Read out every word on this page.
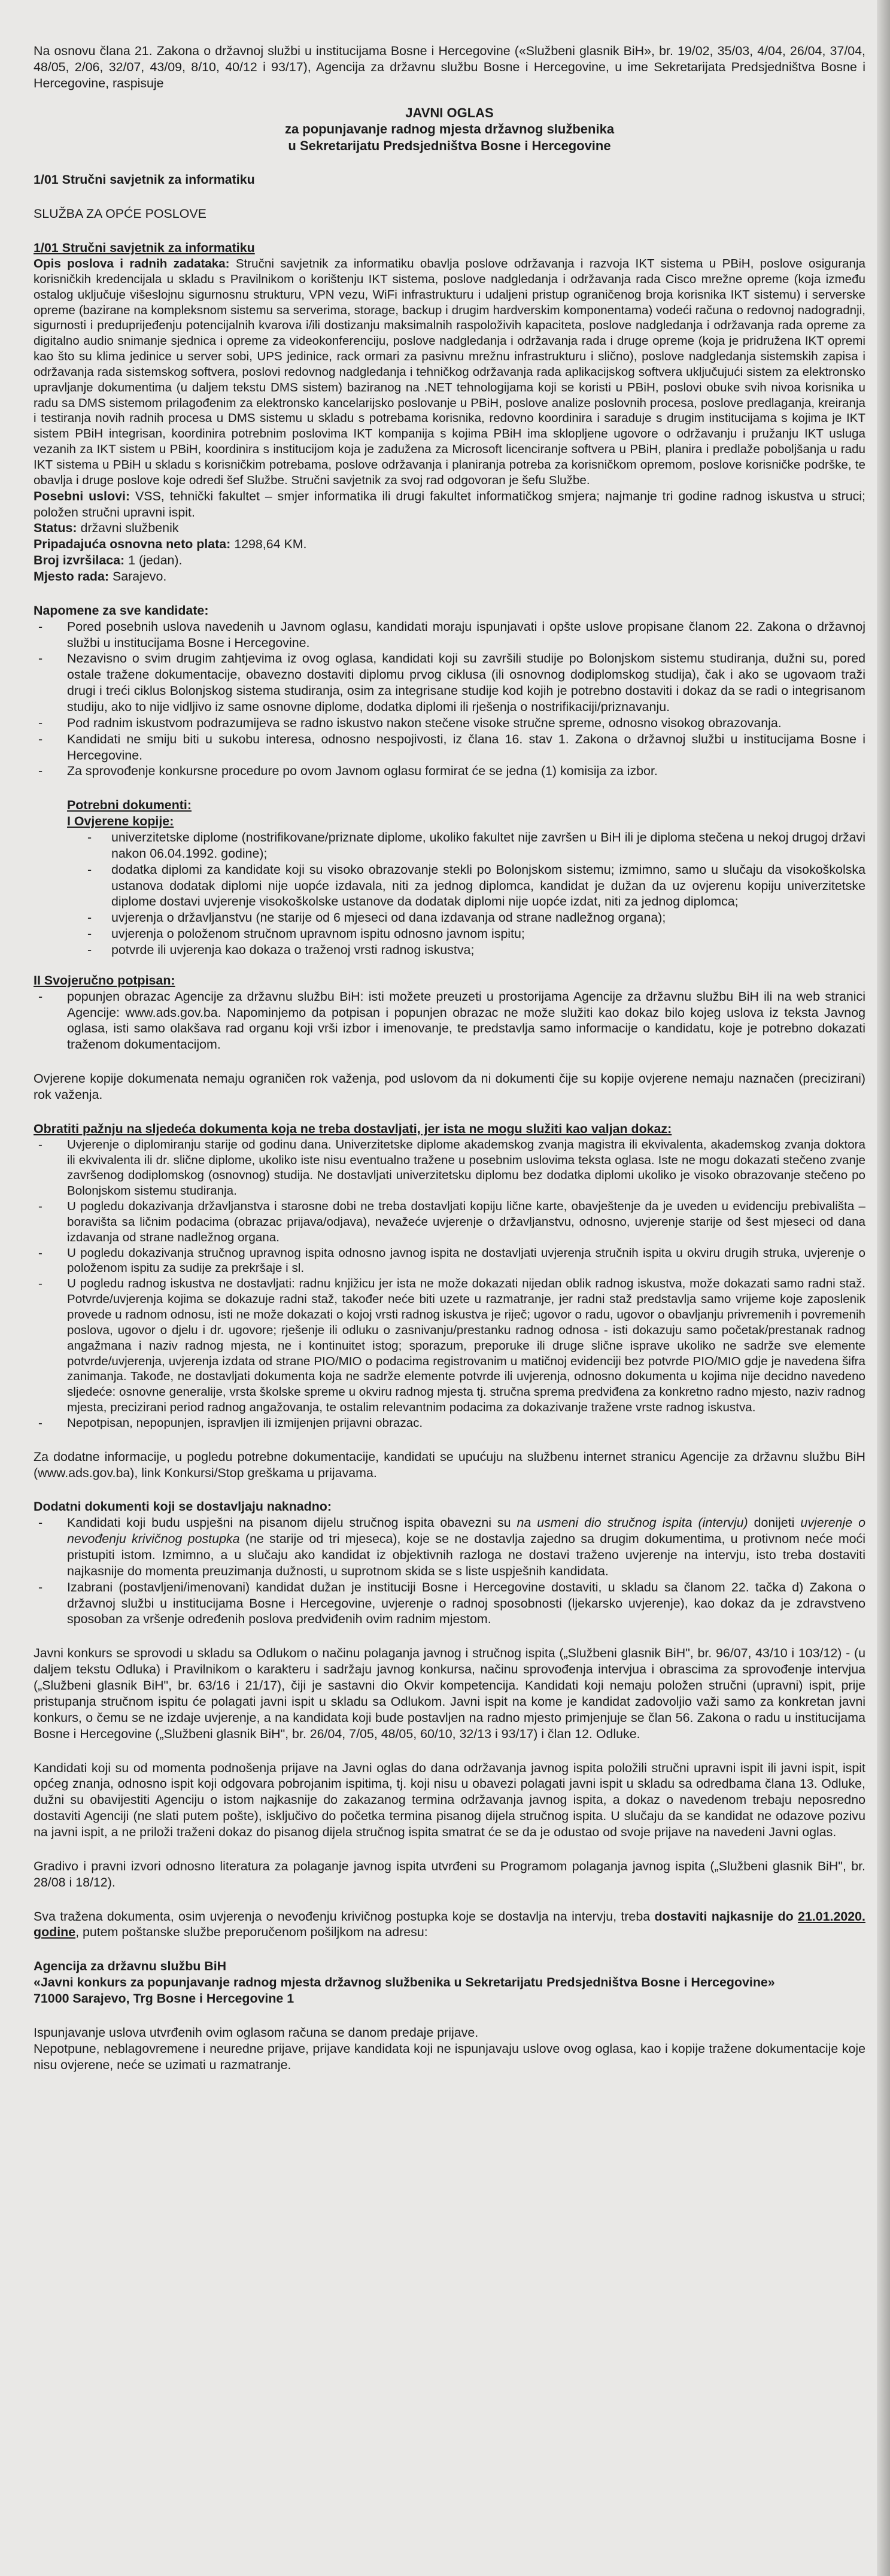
Na osnovu člana 21. Zakona o državnoj službi u institucijama Bosne i Hercegovine («Službeni glasnik BiH», br. 19/02, 35/03, 4/04, 26/04, 37/04, 48/05, 2/06, 32/07, 43/09, 8/10, 40/12 i 93/17), Agencija za državnu službu Bosne i Hercegovine, u ime Sekretarijata Predsjedništva Bosne i Hercegovine, raspisuje

JAVNI OGLAS

za popunjavanje radnog mjesta državnog službenika

u Sekretarijatu Predsjedništva Bosne i Hercegovine

1/01 Stručni savjetnik za informatiku

SLUŽBA ZA OPĆE POSLOVE

1/01 Stručni savjetnik za informatiku

Opis poslova i radnih zadataka: Stručni savjetnik za informatiku obavlja poslove održavanja i razvoja IKT sistema u PBiH, poslove osiguranja korisničkih kredencijala u skladu s Pravilnikom o korištenju IKT sistema, poslove nadgledanja i održavanja rada Cisco mrežne opreme (koja između ostalog uključuje višeslojnu sigurnosnu strukturu, VPN vezu, WiFi infrastrukturu i udaljeni pristup ograničenog broja korisnika IKT sistemu) i serverske opreme (bazirane na kompleksnom sistemu sa serverima, storage, backup i drugim hardverskim komponentama) vodeći računa o redovnoj nadogradnji, sigurnosti i preduprijeđenju potencijalnih kvarova i/ili dostizanju maksimalnih raspoloživih kapaciteta, poslove nadgledanja i održavanja rada opreme za digitalno audio snimanje sjednica i opreme za videokonferenciju, poslove nadgledanja i održavanja rada i druge opreme (koja je pridružena IKT opremi kao što su klima jedinice u server sobi, UPS jedinice, rack ormari za pasivnu mrežnu infrastrukturu i slično), poslove nadgledanja sistemskih zapisa i održavanja rada sistemskog softvera, poslovi redovnog nadgledanja i tehničkog održavanja rada aplikacijskog softvera uključujući sistem za elektronsko upravljanje dokumentima (u daljem tekstu DMS sistem) baziranog na .NET tehnologijama koji se koristi u PBiH, poslovi obuke svih nivoa korisnika u radu sa DMS sistemom prilagođenim za elektronsko kancelarijsko poslovanje u PBiH, poslove analize poslovnih procesa, poslove predlaganja, kreiranja i testiranja novih radnih procesa u DMS sistemu u skladu s potrebama korisnika, redovno koordinira i saraduje s drugim institucijama s kojima je IKT sistem PBiH integrisan, koordinira potrebnim poslovima IKT kompanija s kojima PBiH ima sklopljene ugovore o održavanju i pružanju IKT usluga vezanih za IKT sistem u PBiH, koordinira s institucijom koja je zadužena za Microsoft licenciranje softvera u PBiH, planira i predlaže poboljšanja u radu IKT sistema u PBiH u skladu s korisničkim potrebama, poslove održavanja i planiranja potreba za korisničkom opremom, poslove korisničke podrške, te obavlja i druge poslove koje odredi šef Službe. Stručni savjetnik za svoj rad odgovoran je šefu Službe.

Posebni uslovi: VSS, tehnički fakultet – smjer informatika ili drugi fakultet informatičkog smjera; najmanje tri godine radnog iskustva u struci; položen stručni upravni ispit.

Status: državni službenik

Pripadajuća osnovna neto plata: 1298,64 KM.

Broj izvršilaca: 1 (jedan).

Mjesto rada: Sarajevo.

Napomene za sve kandidate:

- Pored posebnih uslova navedenih u Javnom oglasu, kandidati moraju ispunjavati i opšte uslove propisane članom 22. Zakona o državnoj službi u institucijama Bosne i Hercegovine.
- Nezavisno o svim drugim zahtjevima iz ovog oglasa, kandidati koji su završili studije po Bolonjskom sistemu studiranja, dužni su, pored ostale tražene dokumentacije, obavezno dostaviti diplomu prvog ciklusa (ili osnovnog dodiplomskog studija), čak i ako se ugovaom traži drugi i treći ciklus Bolonjskog sistema studiranja, osim za integrisane studije kod kojih je potrebno dostaviti i dokaz da se radi o integrisanom studiju, ako to nije vidljivo iz same osnovne diplome, dodatka diplomi ili rješenja o nostrifikaciji/priznavanju.
- Pod radnim iskustvom podrazumijeva se radno iskustvo nakon stečene visoke stručne spreme, odnosno visokog obrazovanja.
- Kandidati ne smiju biti u sukobu interesa, odnosno nespojivosti, iz člana 16. stav 1. Zakona o državnoj službi u institucijama Bosne i Hercegovine.
- Za sprovođenje konkursne procedure po ovom Javnom oglasu formirat će se jedna (1) komisija za izbor.

Potrebni dokumenti:

I Ovjerene kopije:

- univerzitetske diplome (nostrifikovane/priznate diplome, ukoliko fakultet nije završen u BiH ili je diploma stečena u nekoj drugoj državi nakon 06.04.1992. godine);
- dodatka diplomi za kandidate koji su visoko obrazovanje stekli po Bolonjskom sistemu; izmimno, samo u slučaju da visokoškolska ustanova dodatak diplomi nije uopće izdavala, niti za jednog diplomca, kandidat je dužan da uz ovjerenu kopiju univerzitetske diplome dostavi uvjerenje visokoškolske ustanove da dodatak diplomi nije uopće izdat, niti za jednog diplomca;
- uvjerenja o državljanstvu (ne starije od 6 mjeseci od dana izdavanja od strane nadležnog organa);
- uvjerenja o položenom stručnom upravnom ispitu odnosno javnom ispitu;
- potvrde ili uvjerenja kao dokaza o traženoj vrsti radnog iskustva;

II Svojeručno potpisan:

- popunjen obrazac Agencije za državnu službu BiH: isti možete preuzeti u prostorijama Agencije za državnu službu BiH ili na web stranici Agencije: www.ads.gov.ba. Napominjemo da potpisan i popunjen obrazac ne može služiti kao dokaz bilo kojeg uslova iz teksta Javnog oglasa, isti samo olakšava rad organu koji vrši izbor i imenovanje, te predstavlja samo informacije o kandidatu, koje je potrebno dokazati traženom dokumentacijom.

Ovjerene kopije dokumenata nemaju ograničen rok važenja, pod uslovom da ni dokumenti čije su kopije ovjerene nemaju naznačen (precizirani) rok važenja.

Obratiti pažnju na sljedeća dokumenta koja ne treba dostavljati, jer ista ne mogu služiti kao valjan dokaz:

- Uvjerenje o diplomiranju starije od godinu dana. Univerzitetske diplome akademskog zvanja magistra ili ekvivalenta, akademskog zvanja doktora ili ekvivalenta ili dr. slične diplome, ukoliko iste nisu eventualno tražene u posebnim uslovima teksta oglasa. Iste ne mogu dokazati stečeno zvanje završenog dodiplomskog (osnovnog) studija. Ne dostavljati univerzitetsku diplomu bez dodatka diplomi ukoliko je visoko obrazovanje stečeno po Bolonjskom sistemu studiranja.
- U pogledu dokazivanja državljanstva i starosne dobi ne treba dostavljati kopiju lične karte, obavještenje da je uveden u evidenciju prebivališta – boravišta sa ličnim podacima (obrazac prijava/odjava), nevažeće uvjerenje o državljanstvu, odnosno, uvjerenje starije od šest mjeseci od dana izdavanja od strane nadležnog organa.
- U pogledu dokazivanja stručnog upravnog ispita odnosno javnog ispita ne dostavljati uvjerenja stručnih ispita u okviru drugih struka, uvjerenje o položenom ispitu za sudije za prekršaje i sl.
- U pogledu radnog iskustva ne dostavljati: radnu knjižicu jer ista ne može dokazati nijedan oblik radnog iskustva, može dokazati samo radni staž. Potvrde/uvjerenja kojima se dokazuje radni staž, također neće biti uzete u razmatranje, jer radni staž predstavlja samo vrijeme koje zaposlenik provede u radnom odnosu, isti ne može dokazati o kojoj vrsti radnog iskustva je riječ; ugovor o radu, ugovor o obavljanju privremenih i povremenih poslova, ugovor o djelu i dr. ugovore; rješenje ili odluku o zasnivanju/prestanku radnog odnosa - isti dokazuju samo početak/prestanak radnog angažmana i naziv radnog mjesta, ne i kontinuitet istog; sporazum, preporuke ili druge slične isprave ukoliko ne sadrže sve elemente potvrde/uvjerenja, uvjerenja izdata od strane PIO/MIO o podacima registrovanim u matičnoj evidenciji bez potvrde PIO/MIO gdje je navedena šifra zanimanja. Takođe, ne dostavljati dokumenta koja ne sadrže elemente potvrde ili uvjerenja, odnosno dokumenta u kojima nije decidno navedeno sljedeće: osnovne generalije, vrsta školske spreme u okviru radnog mjesta tj. stručna sprema predviđena za konkretno radno mjesto, naziv radnog mjesta, precizirani period radnog angažovanja, te ostalim relevantnim podacima za dokazivanje tražene vrste radnog iskustva.
- Nepotpisan, nepopunjen, ispravljen ili izmijenjen prijavni obrazac.

Za dodatne informacije, u pogledu potrebne dokumentacije, kandidati se upućuju na službenu internet stranicu Agencije za državnu službu BiH (www.ads.gov.ba), link Konkursi/Stop greškama u prijavama.

Dodatni dokumenti koji se dostavljaju naknadno:

- Kandidati koji budu uspješni na pisanom dijelu stručnog ispita obavezni su na usmeni dio stručnog ispita (intervju) donijeti uvjerenje o nevođenju krivičnog postupka (ne starije od tri mjeseca), koje se ne dostavlja zajedno sa drugim dokumentima, u protivnom neće moći pristupiti istom. Izmimno, a u slučaju ako kandidat iz objektivnih razloga ne dostavi traženo uvjerenje na intervju, isto treba dostaviti najkasnije do momenta preuzimanja dužnosti, u suprotnom skida se s liste uspješnih kandidata.
- Izabrani (postavljeni/imenovani) kandidat dužan je instituciji Bosne i Hercegovine dostaviti, u skladu sa članom 22. tačka d) Zakona o državnoj službi u institucijama Bosne i Hercegovine, uvjerenje o radnoj sposobnosti (ljekarsko uvjerenje), kao dokaz da je zdravstveno sposoban za vršenje određenih poslova predviđenih ovim radnim mjestom.

Javni konkurs se sprovodi u skladu sa Odlukom o načinu polaganja javnog i stručnog ispita („Službeni glasnik BiH", br. 96/07, 43/10 i 103/12) - (u daljem tekstu Odluka) i Pravilnikom o karakteru i sadržaju javnog konkursa, načinu sprovođenja intervjua i obrascima za sprovođenje intervjua („Službeni glasnik BiH", br. 63/16 i 21/17), čiji je sastavni dio Okvir kompetencija. Kandidati koji nemaju položen stručni (upravni) ispit, prije pristupanja stručnom ispitu će polagati javni ispit u skladu sa Odlukom. Javni ispit na kome je kandidat zadovoljio važi samo za konkretan javni konkurs, o čemu se ne izdaje uvjerenje, a na kandidata koji bude postavljen na radno mjesto primjenjuje se član 56. Zakona o radu u institucijama Bosne i Hercegovine („Službeni glasnik BiH", br. 26/04, 7/05, 48/05, 60/10, 32/13 i 93/17) i član 12. Odluke.

Kandidati koji su od momenta podnošenja prijave na Javni oglas do dana održavanja javnog ispita položili stručni upravni ispit ili javni ispit, ispit općeg znanja, odnosno ispit koji odgovara pobrojanim ispitima, tj. koji nisu u obavezi polagati javni ispit u skladu sa odredbama člana 13. Odluke, dužni su obavijestiti Agenciju o istom najkasnije do zakazanog termina održavanja javnog ispita, a dokaz o navedenom trebaju neposredno dostaviti Agenciji (ne slati putem pošte), isključivo do početka termina pisanog dijela stručnog ispita. U slučaju da se kandidat ne odazove pozivu na javni ispit, a ne priloži traženi dokaz do pisanog dijela stručnog ispita smatrat će se da je odustao od svoje prijave na navedeni Javni oglas.

Gradivo i pravni izvori odnosno literatura za polaganje javnog ispita utvrđeni su Programom polaganja javnog ispita („Službeni glasnik BiH", br. 28/08 i 18/12).

Sva tražena dokumenta, osim uvjerenja o nevođenju krivičnog postupka koje se dostavlja na intervju, treba dostaviti najkasnije do 21.01.2020. godine, putem poštanske službe preporučenom pošiljkom na adresu:

Agencija za državnu službu BiH

«Javni konkurs za popunjavanje radnog mjesta državnog službenika u Sekretarijatu Predsjedništva Bosne i Hercegovine»

71000 Sarajevo, Trg Bosne i Hercegovine 1

Ispunjavanje uslova utvrđenih ovim oglasom računa se danom predaje prijave.

Nepotpune, neblagovremene i neuredne prijave, prijave kandidata koji ne ispunjavaju uslove ovog oglasa, kao i kopije tražene dokumentacije koje nisu ovjerene, neće se uzimati u razmatranje.
